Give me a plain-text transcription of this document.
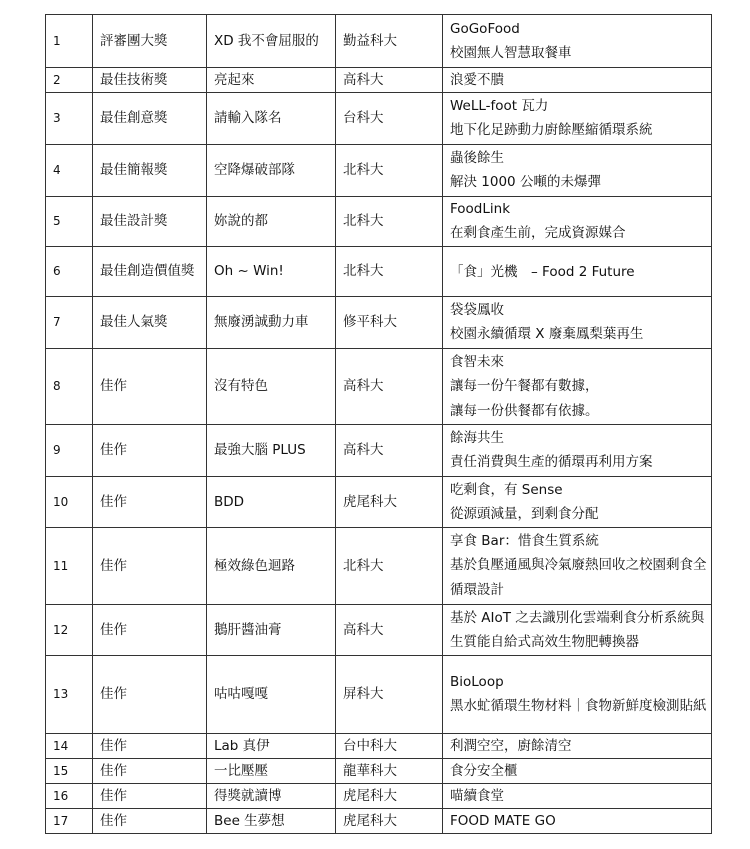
1	評審團大獎	XD 我不會屈服的	勤益科大	GoGoFood
校園無人智慧取餐車

2	最佳技術獎	亮起來	高科大	浪愛不膭

3	最佳創意獎	請輸入隊名	台科大	WeLL-foot 瓦力
地下化足跡動力廚餘壓縮循環系統

4	最佳簡報獎	空降爆破部隊	北科大	蟲後餘生
解決 1000 公噸的未爆彈

5	最佳設計獎	妳說的都	北科大	FoodLink
在剩食產生前，完成資源媒合

6	最佳創造價值獎	Oh ~ Win!	北科大	「食」光機　– Food 2 Future

7	最佳人氣獎	無廢湧誠動力車	修平科大	袋袋鳳收
校園永續循環 X 廢棄鳳梨葉再生

8	佳作	沒有特色	高科大	食智未來
讓每一份午餐都有數據，
讓每一份供餐都有依據。

9	佳作	最強大腦 PLUS	高科大	餘海共生
責任消費與生產的循環再利用方案

10	佳作	BDD	虎尾科大	吃剩食，有 Sense
從源頭減量，到剩食分配

11	佳作	極效綠色迴路	北科大	享食 Bar：惜食生質系統
基於負壓通風與冷氣廢熱回收之校園剩食全循環設計

12	佳作	鵝肝醬油膏	高科大	基於 AIoT 之去識別化雲端剩食分析系統與生質能自給式高效生物肥轉換器

13	佳作	咕咕嘎嘎	屏科大	BioLoop
黑水虻循環生物材料｜食物新鮮度檢測貼紙

14	佳作	Lab 真伊	台中科大	利潤空空，廚餘清空

15	佳作	一比壓壓	龍華科大	食分安全櫃

16	佳作	得獎就讀博	虎尾科大	喵續食堂

17	佳作	Bee 生夢想	虎尾科大	FOOD MATE GO
